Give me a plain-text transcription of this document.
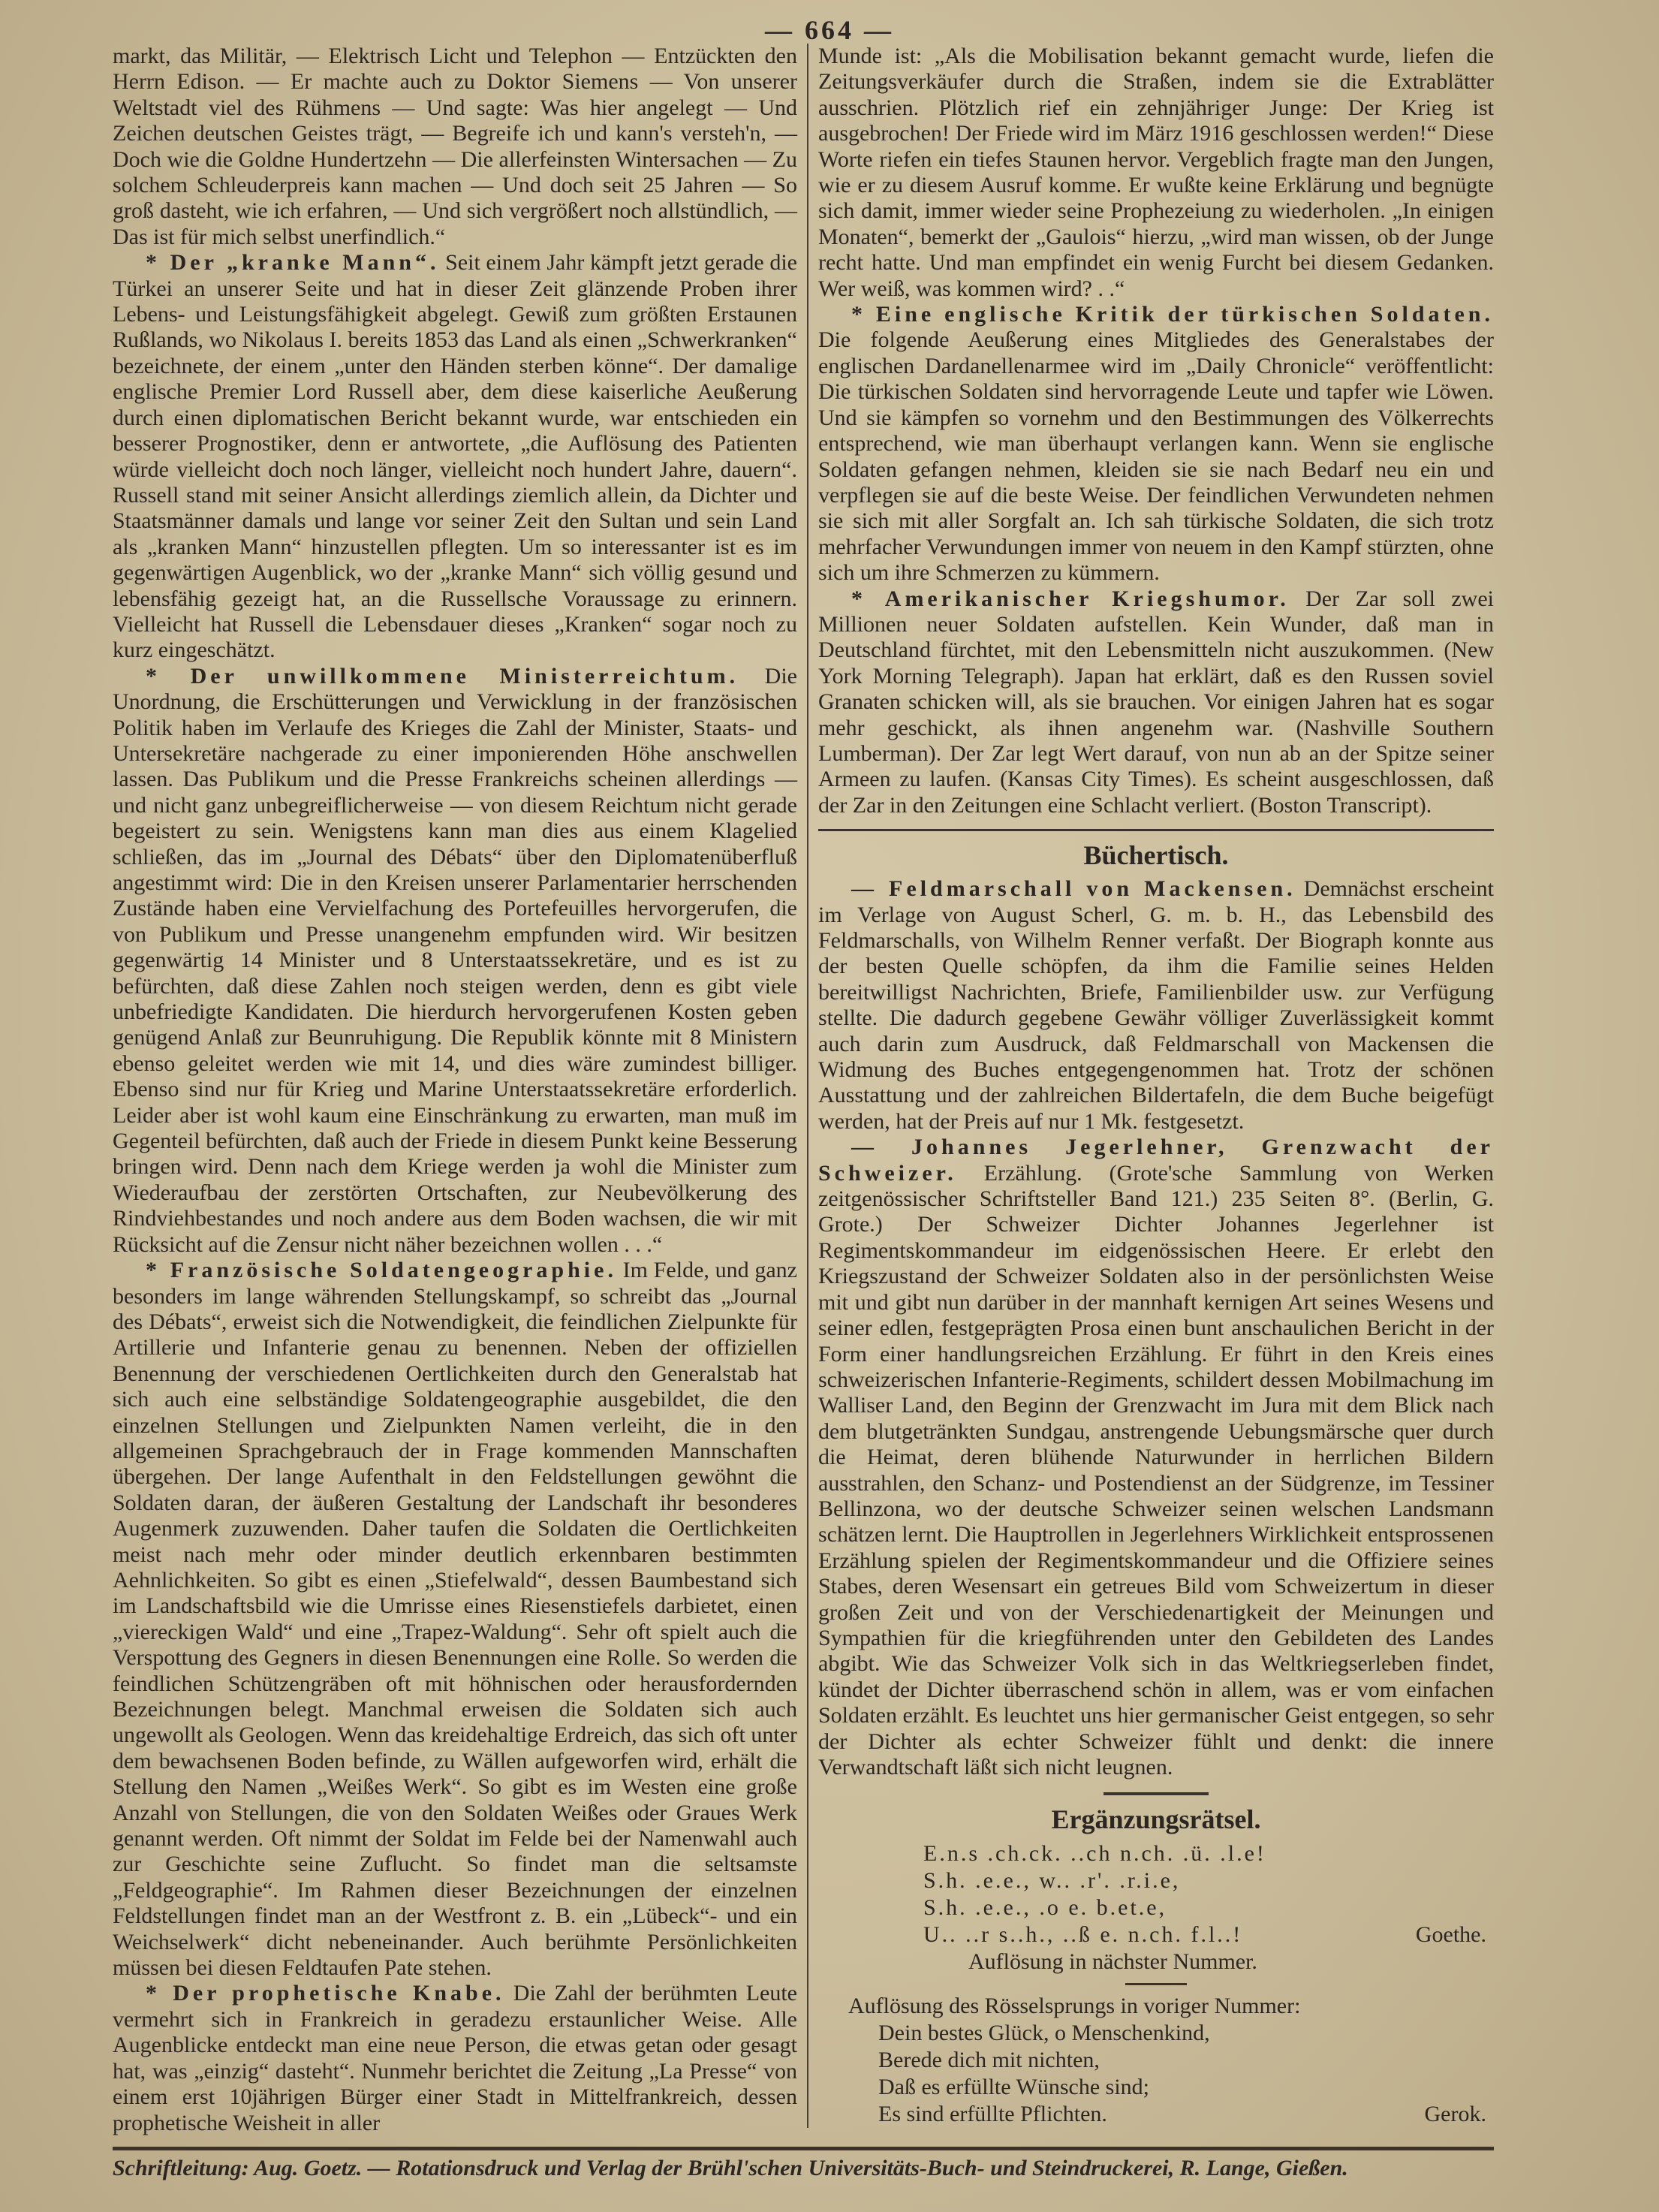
— 664 —

markt, das Militär, — Elektrisch Licht und Telephon — Entzückten den Herrn Edison. — Er machte auch zu Doktor Siemens — Von unserer Weltstadt viel des Rühmens — Und sagte: Was hier angelegt — Und Zeichen deutschen Geistes trägt, — Begreife ich und kann's versteh'n, — Doch wie die Goldne Hundertzehn — Die allerfeinsten Wintersachen — Zu solchem Schleuderpreis kann machen — Und doch seit 25 Jahren — So groß dasteht, wie ich erfahren, — Und sich vergrößert noch allstündlich, — Das ist für mich selbst unerfindlich.“

* Der „kranke Mann“. Seit einem Jahr kämpft jetzt gerade die Türkei an unserer Seite und hat in dieser Zeit glänzende Proben ihrer Lebens- und Leistungsfähigkeit abgelegt. Gewiß zum größten Erstaunen Rußlands, wo Nikolaus I. bereits 1853 das Land als einen „Schwerkranken“ bezeichnete, der einem „unter den Händen sterben könne“. Der damalige englische Premier Lord Russell aber, dem diese kaiserliche Aeußerung durch einen diplomatischen Bericht bekannt wurde, war entschieden ein besserer Prognostiker, denn er antwortete, „die Auflösung des Patienten würde vielleicht doch noch länger, vielleicht noch hundert Jahre, dauern“. Russell stand mit seiner Ansicht allerdings ziemlich allein, da Dichter und Staatsmänner damals und lange vor seiner Zeit den Sultan und sein Land als „kranken Mann“ hinzustellen pflegten. Um so interessanter ist es im gegenwärtigen Augenblick, wo der „kranke Mann“ sich völlig gesund und lebensfähig gezeigt hat, an die Russellsche Voraussage zu erinnern. Vielleicht hat Russell die Lebensdauer dieses „Kranken“ sogar noch zu kurz eingeschätzt.

* Der unwillkommene Ministerreichtum. Die Unordnung, die Erschütterungen und Verwicklung in der französischen Politik haben im Verlaufe des Krieges die Zahl der Minister, Staats- und Untersekretäre nachgerade zu einer imponierenden Höhe anschwellen lassen. Das Publikum und die Presse Frankreichs scheinen allerdings — und nicht ganz unbegreiflicherweise — von diesem Reichtum nicht gerade begeistert zu sein. Wenigstens kann man dies aus einem Klagelied schließen, das im „Journal des Débats“ über den Diplomatenüberfluß angestimmt wird: Die in den Kreisen unserer Parlamentarier herrschenden Zustände haben eine Vervielfachung des Portefeuilles hervorgerufen, die von Publikum und Presse unangenehm empfunden wird. Wir besitzen gegenwärtig 14 Minister und 8 Unterstaatssekretäre, und es ist zu befürchten, daß diese Zahlen noch steigen werden, denn es gibt viele unbefriedigte Kandidaten. Die hierdurch hervorgerufenen Kosten geben genügend Anlaß zur Beunruhigung. Die Republik könnte mit 8 Ministern ebenso geleitet werden wie mit 14, und dies wäre zumindest billiger. Ebenso sind nur für Krieg und Marine Unterstaatssekretäre erforderlich. Leider aber ist wohl kaum eine Einschränkung zu erwarten, man muß im Gegenteil befürchten, daß auch der Friede in diesem Punkt keine Besserung bringen wird. Denn nach dem Kriege werden ja wohl die Minister zum Wiederaufbau der zerstörten Ortschaften, zur Neubevölkerung des Rindviehbestandes und noch andere aus dem Boden wachsen, die wir mit Rücksicht auf die Zensur nicht näher bezeichnen wollen . . .“

* Französische Soldatengeographie. Im Felde, und ganz besonders im lange währenden Stellungskampf, so schreibt das „Journal des Débats“, erweist sich die Notwendigkeit, die feindlichen Zielpunkte für Artillerie und Infanterie genau zu benennen. Neben der offiziellen Benennung der verschiedenen Oertlichkeiten durch den Generalstab hat sich auch eine selbständige Soldatengeographie ausgebildet, die den einzelnen Stellungen und Zielpunkten Namen verleiht, die in den allgemeinen Sprachgebrauch der in Frage kommenden Mannschaften übergehen. Der lange Aufenthalt in den Feldstellungen gewöhnt die Soldaten daran, der äußeren Gestaltung der Landschaft ihr besonderes Augenmerk zuzuwenden. Daher taufen die Soldaten die Oertlichkeiten meist nach mehr oder minder deutlich erkennbaren bestimmten Aehnlichkeiten. So gibt es einen „Stiefelwald“, dessen Baumbestand sich im Landschaftsbild wie die Umrisse eines Riesenstiefels darbietet, einen „viereckigen Wald“ und eine „Trapez-Waldung“. Sehr oft spielt auch die Verspottung des Gegners in diesen Benennungen eine Rolle. So werden die feindlichen Schützengräben oft mit höhnischen oder herausfordernden Bezeichnungen belegt. Manchmal erweisen die Soldaten sich auch ungewollt als Geologen. Wenn das kreidehaltige Erdreich, das sich oft unter dem bewachsenen Boden befinde, zu Wällen aufgeworfen wird, erhält die Stellung den Namen „Weißes Werk“. So gibt es im Westen eine große Anzahl von Stellungen, die von den Soldaten Weißes oder Graues Werk genannt werden. Oft nimmt der Soldat im Felde bei der Namenwahl auch zur Geschichte seine Zuflucht. So findet man die seltsamste „Feldgeographie“. Im Rahmen dieser Bezeichnungen der einzelnen Feldstellungen findet man an der Westfront z. B. ein „Lübeck“- und ein Weichselwerk“ dicht nebeneinander. Auch berühmte Persönlichkeiten müssen bei diesen Feldtaufen Pate stehen.

* Der prophetische Knabe. Die Zahl der berühmten Leute vermehrt sich in Frankreich in geradezu erstaunlicher Weise. Alle Augenblicke entdeckt man eine neue Person, die etwas getan oder gesagt hat, was „einzig“ dasteht“. Nunmehr berichtet die Zeitung „La Presse“ von einem erst 10jährigen Bürger einer Stadt in Mittelfrankreich, dessen prophetische Weisheit in aller

Munde ist: „Als die Mobilisation bekannt gemacht wurde, liefen die Zeitungsverkäufer durch die Straßen, indem sie die Extrablätter ausschrien. Plötzlich rief ein zehnjähriger Junge: Der Krieg ist ausgebrochen! Der Friede wird im März 1916 geschlossen werden!“ Diese Worte riefen ein tiefes Staunen hervor. Vergeblich fragte man den Jungen, wie er zu diesem Ausruf komme. Er wußte keine Erklärung und begnügte sich damit, immer wieder seine Prophezeiung zu wiederholen. „In einigen Monaten“, bemerkt der „Gaulois“ hierzu, „wird man wissen, ob der Junge recht hatte. Und man empfindet ein wenig Furcht bei diesem Gedanken. Wer weiß, was kommen wird? . .“

* Eine englische Kritik der türkischen Soldaten. Die folgende Aeußerung eines Mitgliedes des Generalstabes der englischen Dardanellenarmee wird im „Daily Chronicle“ veröffentlicht: Die türkischen Soldaten sind hervorragende Leute und tapfer wie Löwen. Und sie kämpfen so vornehm und den Bestimmungen des Völkerrechts entsprechend, wie man überhaupt verlangen kann. Wenn sie englische Soldaten gefangen nehmen, kleiden sie sie nach Bedarf neu ein und verpflegen sie auf die beste Weise. Der feindlichen Verwundeten nehmen sie sich mit aller Sorgfalt an. Ich sah türkische Soldaten, die sich trotz mehrfacher Verwundungen immer von neuem in den Kampf stürzten, ohne sich um ihre Schmerzen zu kümmern.

* Amerikanischer Kriegshumor. Der Zar soll zwei Millionen neuer Soldaten aufstellen. Kein Wunder, daß man in Deutschland fürchtet, mit den Lebensmitteln nicht auszukommen. (New York Morning Telegraph). Japan hat erklärt, daß es den Russen soviel Granaten schicken will, als sie brauchen. Vor einigen Jahren hat es sogar mehr geschickt, als ihnen angenehm war. (Nashville Southern Lumberman). Der Zar legt Wert darauf, von nun ab an der Spitze seiner Armeen zu laufen. (Kansas City Times). Es scheint ausgeschlossen, daß der Zar in den Zeitungen eine Schlacht verliert. (Boston Transcript).

Büchertisch.

— Feldmarschall von Mackensen. Demnächst erscheint im Verlage von August Scherl, G. m. b. H., das Lebensbild des Feldmarschalls, von Wilhelm Renner verfaßt. Der Biograph konnte aus der besten Quelle schöpfen, da ihm die Familie seines Helden bereitwilligst Nachrichten, Briefe, Familienbilder usw. zur Verfügung stellte. Die dadurch gegebene Gewähr völliger Zuverlässigkeit kommt auch darin zum Ausdruck, daß Feldmarschall von Mackensen die Widmung des Buches entgegengenommen hat. Trotz der schönen Ausstattung und der zahlreichen Bildertafeln, die dem Buche beigefügt werden, hat der Preis auf nur 1 Mk. festgesetzt.

— Johannes Jegerlehner, Grenzwacht der Schweizer. Erzählung. (Grote'sche Sammlung von Werken zeitgenössischer Schriftsteller Band 121.) 235 Seiten 8°. (Berlin, G. Grote.) Der Schweizer Dichter Johannes Jegerlehner ist Regimentskommandeur im eidgenössischen Heere. Er erlebt den Kriegszustand der Schweizer Soldaten also in der persönlichsten Weise mit und gibt nun darüber in der mannhaft kernigen Art seines Wesens und seiner edlen, festgeprägten Prosa einen bunt anschaulichen Bericht in der Form einer handlungsreichen Erzählung. Er führt in den Kreis eines schweizerischen Infanterie-Regiments, schildert dessen Mobilmachung im Walliser Land, den Beginn der Grenzwacht im Jura mit dem Blick nach dem blutgetränkten Sundgau, anstrengende Uebungsmärsche quer durch die Heimat, deren blühende Naturwunder in herrlichen Bildern ausstrahlen, den Schanz- und Postendienst an der Südgrenze, im Tessiner Bellinzona, wo der deutsche Schweizer seinen welschen Landsmann schätzen lernt. Die Hauptrollen in Jegerlehners Wirklichkeit entsprossenen Erzählung spielen der Regimentskommandeur und die Offiziere seines Stabes, deren Wesensart ein getreues Bild vom Schweizertum in dieser großen Zeit und von der Verschiedenartigkeit der Meinungen und Sympathien für die kriegführenden unter den Gebildeten des Landes abgibt. Wie das Schweizer Volk sich in das Weltkriegserleben findet, kündet der Dichter überraschend schön in allem, was er vom einfachen Soldaten erzählt. Es leuchtet uns hier germanischer Geist entgegen, so sehr der Dichter als echter Schweizer fühlt und denkt: die innere Verwandtschaft läßt sich nicht leugnen.

Ergänzungsrätsel.
E.n.s .ch.ck. ..ch n.ch. .ü. .l.e!
S.h. .e.e., w.. .r'. .r.i.e,
S.h. .e.e., .o e. b.et.e,
U.. ..r s..h., ..ß e. n.ch. f.l..!	Goethe.
Auflösung in nächster Nummer.
Auflösung des Rösselsprungs in voriger Nummer:
Dein bestes Glück, o Menschenkind,
Berede dich mit nichten,
Daß es erfüllte Wünsche sind;
Es sind erfüllte Pflichten.	Gerok.
Schriftleitung: Aug. Goetz. — Rotationsdruck und Verlag der Brühl'schen Universitäts-Buch- und Steindruckerei, R. Lange, Gießen.
